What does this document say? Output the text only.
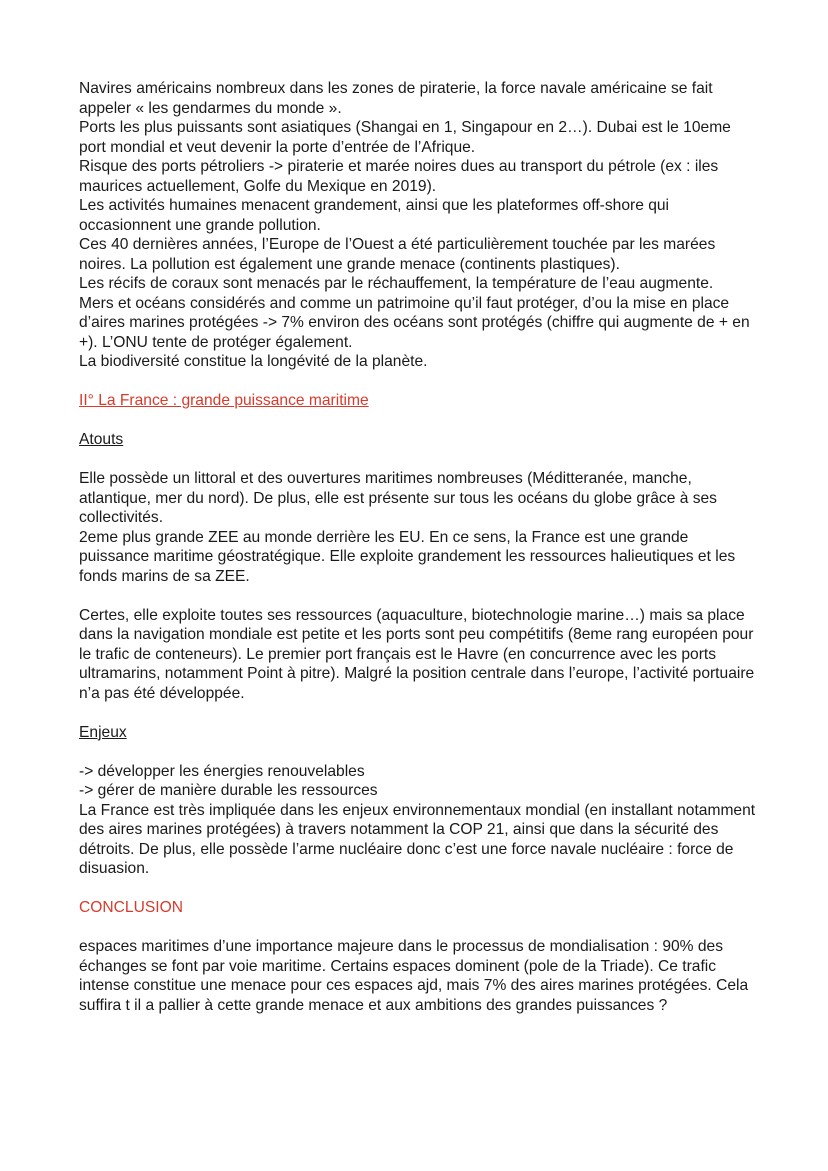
Navires américains nombreux dans les zones de piraterie, la force navale américaine se fait appeler « les gendarmes du monde ».

Ports les plus puissants sont asiatiques (Shangai en 1, Singapour en 2…). Dubai est le 10eme port mondial et veut devenir la porte d’entrée de l’Afrique.

Risque des ports pétroliers -> piraterie et marée noires dues au transport du pétrole (ex : iles maurices actuellement, Golfe du Mexique en 2019).

Les activités humaines menacent grandement, ainsi que les plateformes off-shore qui occasionnent une grande pollution.

Ces 40 dernières années, l’Europe de l’Ouest a été particulièrement touchée par les marées noires. La pollution est également une grande menace (continents plastiques).

Les récifs de coraux sont menacés par le réchauffement, la température de l’eau augmente.

Mers et océans considérés and comme un patrimoine qu’il faut protéger, d’ou la mise en place d’aires marines protégées -> 7% environ des océans sont protégés (chiffre qui augmente de + en +). L’ONU tente de protéger également.

La biodiversité constitue la longévité de la planète.

II° La France : grande puissance maritime

Atouts

Elle possède un littoral et des ouvertures maritimes nombreuses (Méditteranée, manche, atlantique, mer du nord). De plus, elle est présente sur tous les océans du globe grâce à ses collectivités.

2eme plus grande ZEE au monde derrière les EU. En ce sens, la France est une grande puissance maritime géostratégique. Elle exploite grandement les ressources halieutiques et les fonds marins de sa ZEE.

Certes, elle exploite toutes ses ressources (aquaculture, biotechnologie marine…) mais sa place dans la navigation mondiale est petite et les ports sont peu compétitifs (8eme rang européen pour le trafic de conteneurs). Le premier port français est le Havre (en concurrence avec les ports ultramarins, notamment Point à pitre). Malgré la position centrale dans l’europe, l’activité portuaire n’a pas été développée.

Enjeux

-> développer les énergies renouvelables

-> gérer de manière durable les ressources

La France est très impliquée dans les enjeux environnementaux mondial (en installant notamment des aires marines protégées) à travers notamment la COP 21, ainsi que dans la sécurité des détroits. De plus, elle possède l’arme nucléaire donc c’est une force navale nucléaire : force de disuasion.

CONCLUSION

espaces maritimes d’une importance majeure dans le processus de mondialisation : 90% des échanges se font par voie maritime. Certains espaces dominent (pole de la Triade). Ce trafic intense constitue une menace pour ces espaces ajd, mais 7% des aires marines protégées. Cela suffira t il a pallier à cette grande menace et aux ambitions des grandes puissances ?
